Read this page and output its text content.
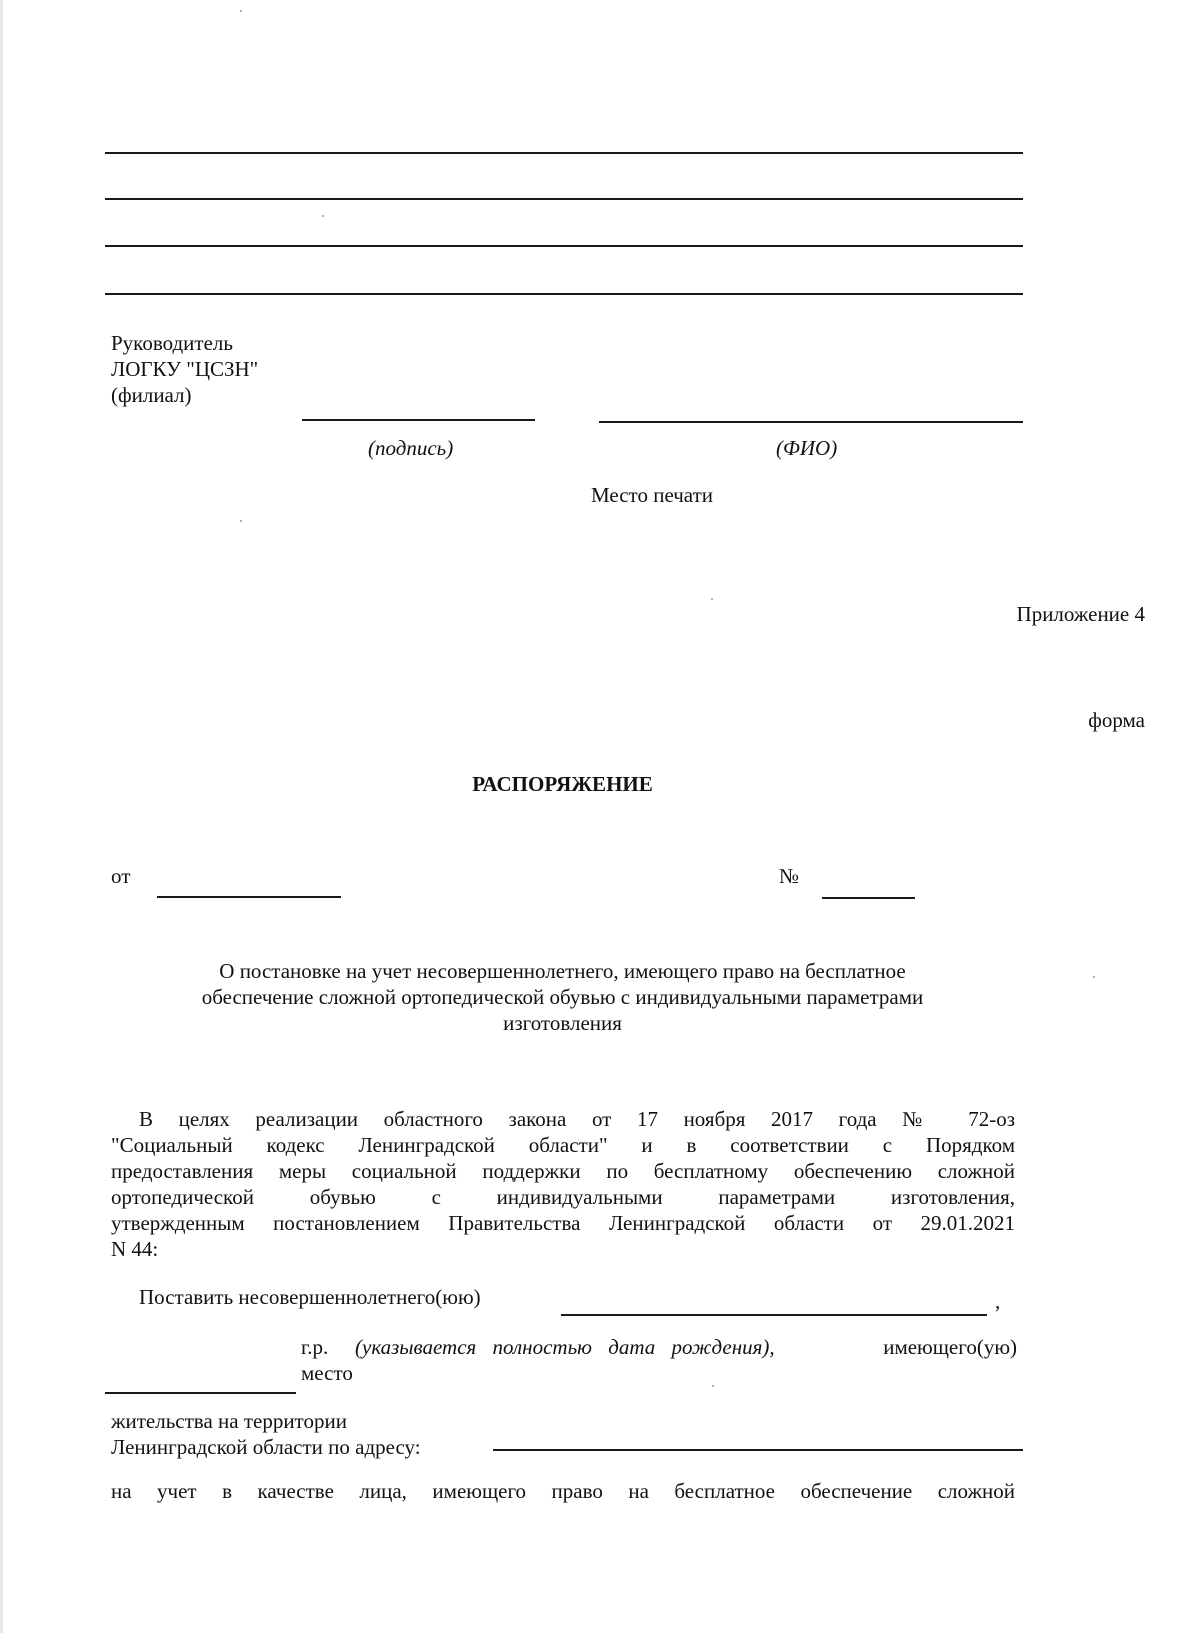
Руководитель
ЛОГКУ "ЦСЗН"
(филиал)
(подпись)	(ФИО)
Место печати
Приложение 4
форма
РАСПОРЯЖЕНИЕ
от	№
О постановке на учет несовершеннолетнего, имеющего право на бесплатное
обеспечение сложной ортопедической обувью с индивидуальными параметрами
изготовления
В целях реализации областного закона от 17 ноября 2017 года № 72-оз
"Социальный кодекс Ленинградской области" и в соответствии с Порядком
предоставления меры социальной поддержки по бесплатному обеспечению сложной
ортопедической обувью с индивидуальными параметрами изготовления,
утвержденным постановлением Правительства Ленинградской области от 29.01.2021
N 44:
Поставить несовершеннолетнего(юю)	,
г.р. (указывается полностью дата рождения),	имеющего(ую)
место
жительства на территории
Ленинградской области по адресу:
на учет в качестве лица, имеющего право на бесплатное обеспечение сложной
